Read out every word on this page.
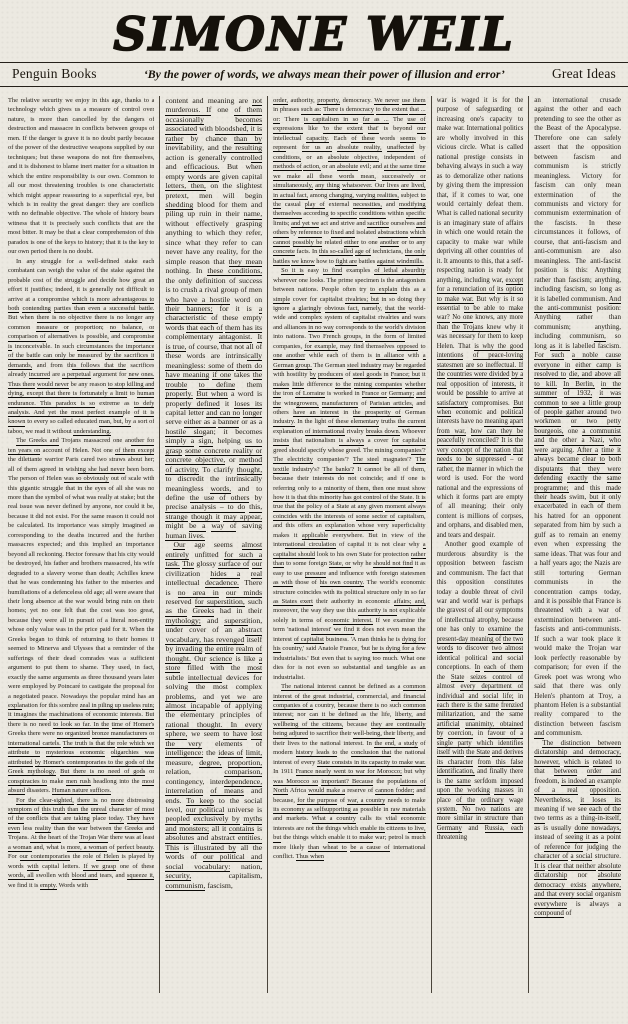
SIMONE WEIL
Penguin Books	‘By the power of words, we always mean their power of illusion and error’	Great Ideas

The relative security we enjoy in this age, thanks to a technology which gives us a measure of control over nature, is more than cancelled by the dangers of destruction and massacre in conflicts between groups of men. If the danger is grave it is no doubt partly because of the power of the destructive weapons supplied by our techniques; but these weapons do not fire themselves, and it is dishonest to blame inert matter for a situation in which the entire responsibility is our own. Common to all our most threatening troubles is one characteristic which might appear reassuring to a superficial eye, but which is in reality the great danger: they are conflicts with no definable objective. The whole of history bears witness that it is precisely such conflicts that are the most bitter. It may be that a clear comprehension of this paradox is one of the keys to history; that it is the key to our own period there is no doubt.

In any struggle for a well-defined stake each combatant can weigh the value of the stake against the probable cost of the struggle and decide how great an effort it justifies; indeed, it is generally not difficult to arrive at a compromise which is more advantageous to both contending parties than even a successful battle. But when there is no objective there is no longer any common measure or proportion; no balance, or comparison of alternatives is possible, and compromise is inconceivable. In such circumstances the importance of the battle can only be measured by the sacrifices it demands, and from this follows that the sacrifices already incurred are a perpetual argument for new ones. Thus there would never be any reason to stop killing and dying, except that there is fortunately a limit to human endurance. This paradox is so extreme as to defy analysis. And yet the most perfect example of it is known to every so called educated man, but, by a sort of taboo, we read it without understanding.

The Greeks and Trojans massacred one another for ten years on account of Helen. Not one of them except the dilettante warrior Paris cared two straws about her; all of them agreed in wishing she had never been born. The person of Helen was so obviously out of scale with this gigantic struggle that in the eyes of all she was no more than the symbol of what was really at stake; but the real issue was never defined by anyone, nor could it be, because it did not exist. For the same reason it could not be calculated. Its importance was simply imagined as corresponding to the deaths incurred and the further massacres expected; and this implied an importance beyond all reckoning. Hector foresaw that his city would be destroyed, his father and brothers massacred, his wife degraded to a slavery worse than death; Achilles knew that he was condemning his father to the miseries and humiliations of a defenceless old age; all were aware that their long absence at the war would bring ruin on their homes; yet no one felt that the cost was too great, because they were all in pursuit of a literal non-entity whose only value was in the price paid for it. When the Greeks began to think of returning to their homes it seemed to Minerva and Ulysses that a reminder of the sufferings of their dead comrades was a sufficient argument to put them to shame. They used, in fact, exactly the same arguments as three thousand years later were employed by Poincaré to castigate the proposal for a negotiated peace. Nowadays the popular mind has an explanation for this sombre zeal in piling up useless ruin; it imagines the machinations of economic interests. But there is no need to look so far. In the time of Homer's Greeks there were no organized bronze manufacturers or international cartels. The truth is that the role which we attribute to mysterious economic oligarchies was attributed by Homer's contemporaries to the gods of the Greek mythology. But there is no need of gods or conspiracies to make men rush headlong into the most absurd disasters. Human nature suffices.

For the clear-sighted, there is no more distressing symptom of this truth than the unreal character of most of the conflicts that are taking place today. They have even less reality than the war between the Greeks and Trojans. At the heart of the Trojan War there was at least a woman and, what is more, a woman of perfect beauty. For our contemporaries the role of Helen is played by words with capital letters. If we grasp one of these words, all swollen with blood and tears, and squeeze it, we find it is empty. Words with

content and meaning are not murderous. If one of them occasionally becomes associated with bloodshed, it is rather by chance than by inevitability, and the resulting action is generally controlled and efficacious. But when empty words are given capital letters, then, on the slightest pretext, men will begin shedding blood for them and piling up ruin in their name, without effectively grasping anything to which they refer, since what they refer to can never have any reality, for the simple reason that they mean nothing. In these conditions, the only definition of success is to crush a rival group of men who have a hostile word on their banners; for it is a characteristic of these empty words that each of them has its complementary antagonist. It is true, of course, that not all of these words are intrinsically meaningless: some of them do have meaning if one takes the trouble to define them properly. But when a word is properly defined it loses its capital letter and can no longer serve either as a banner or as a hostile slogan; it becomes simply a sign, helping us to grasp some concrete reality or concrete objective, or method of activity. To clarify thought, to discredit the intrinsically meaningless words, and to define the use of others by precise analysis – to do this, strange though it may appear, might be a way of saving human lives.

Our age seems almost entirely unfitted for such a task. The glossy surface of our civilization hides a real intellectual decadence. There is no area in our minds reserved for superstition, such as the Greeks had in their mythology; and superstition, under cover of an abstract vocabulary, has revenged itself by invading the entire realm of thought. Our science is like a store filled with the most subtle intellectual devices for solving the most complex problems, and yet we are almost incapable of applying the elementary principles of rational thought. In every sphere, we seem to have lost the very elements of intelligence: the ideas of limit, measure, degree, proportion, relation, comparison, contingency, interdependence, interrelation of means and ends. To keep to the social level, our political universe is peopled exclusively by myths and monsters; all it contains is absolutes and abstract entities. This is illustrated by all the words of our political and social vocabulary: nation, security, capitalism, communism, fascism,

order, authority, property, democracy. We never use them in phrases such as: There is democracy to the extent that ... or: There is capitalism in so far as ... The use of expressions like 'to the extent that' is beyond our intellectual capacity. Each of these words seems to represent for us an absolute reality, unaffected by conditions, or an absolute objective, independent of methods of action, or an absolute evil; and at the same time we make all these words mean, successively or simultaneously, any thing whatsoever. Our lives are lived, in actual fact, among changing, varying realities, subject to the casual play of external necessities, and modifying themselves according to specific conditions within specific limits; and yet we act and strive and sacrifice ourselves and others by reference to fixed and isolated abstractions which cannot possibly be related either to one another or to any concrete facts. In this so-called age of technicians, the only battles we know how to fight are battles against windmills.

So it is easy to find examples of lethal absurdity wherever one looks. The prime specimen is the antagonism between nations. People often try to explain this as a simple cover for capitalist rivalries; but in so doing they ignore a glaringly obvious fact, namely, that the world-wide and complex system of capitalist rivalries and wars and alliances in no way corresponds to the world's division into nations. Two French groups, in the form of limited companies, for example, may find themselves opposed to one another while each of them is in alliance with a German group. The German steel industry may be regarded with hostility by producers of steel goods in France; but it makes little difference to the mining companies whether the iron of Lorraine is worked in France or Germany; and the winegrowers, manufacturers of Parisian articles, and others have an interest in the prosperity of German industry. In the light of these elementary truths the current explanation of international rivalry breaks down. Whoever insists that nationalism is always a cover for capitalist greed should specify whose greed. The mining companies'? The electricity companies'? The steel magnates'? The textile industry's? The banks'? It cannot be all of them, because their interests do not coincide; and if one is referring only to a minority of them, then one must show how it is that this minority has got control of the State. It is true that the policy of a State at any given moment always coincides with the interests of some sector of capitalism, and this offers an explanation whose very superficiality makes it applicable everywhere. But in view of the international circulation of capital it is not clear why a capitalist should look to his own State for protection rather than to some foreign State, or why he should not find it as easy to use pressure and influence with foreign statesmen as with those of his own country. The world's economic structure coincides with its political structure only in so far as States exert their authority in economic affairs; and, moreover, the way they use this authority is not explicable solely in terms of economic interest. If we examine the term 'national interest' we find it does not even mean the interest of capitalist business. 'A man thinks he is dying for his country,' said Anatole France, 'but he is dying for a few industrialists.' But even that is saying too much. What one dies for is not even so substantial and tangible as an industrialist.

The national interest cannot be defined as a common interest of the great industrial, commercial, and financial companies of a country, because there is no such common interest; nor can it be defined as the life, liberty, and wellbeing of the citizens, because they are continually being adjured to sacrifice their well-being, their liberty, and their lives to the national interest. In the end, a study of modern history leads to the conclusion that the national interest of every State consists in its capacity to make war. In 1911 France nearly went to war for Morocco; but why was Morocco so important? Because the populations of North Africa would make a reserve of cannon fodder; and because, for the purpose of war, a country needs to make its economy as selfsupporting as possible in raw materials and markets. What a country calls its vital economic interests are not the things which enable its citizens to live, but the things which enable it to make war; petrol is much more likely than wheat to be a cause of international conflict. Thus when

war is waged it is for the purpose of safeguarding or increasing one's capacity to make war. International politics are wholly involved in this vicious circle. What is called national prestige consists in behaving always in such a way as to demoralize other nations by giving them the impression that, if it comes to war, one would certainly defeat them. What is called national security is an imaginary state of affairs in which one would retain the capacity to make war while depriving all other countries of it. It amounts to this, that a self-respecting nation is ready for anything, including war, except for a renunciation of its option to make war. But why is it so essential to be able to make war? No one knows, any more than the Trojans knew why it was necessary for them to keep Helen. That is why the good intentions of peace-loving statesmen are so ineffectual. If the countries were divided by a real opposition of interests, it would be possible to arrive at satisfactory compromises. But when economic and political interests have no meaning apart from war, how can they be peacefully reconciled? It is the very concept of the nation that needs to be suppressed – or rather, the manner in which the word is used. For the word national and the expressions of which it forms part are empty of all meaning; their only content is millions of corpses, and orphans, and disabled men, and tears and despair.

Another good example of murderous absurdity is the opposition between fascism and communism. The fact that this opposition constitutes today a double threat of civil war and world war is perhaps the gravest of all our symptoms of intellectual atrophy, because one has only to examine the present-day meaning of the two words to discover two almost identical political and social conceptions. In each of them the State seizes control of almost every department of individual and social life; in each there is the same frenzied militarization, and the same artificial unanimity, obtained by coercion, in favour of a single party which identifies itself with the State and derives its character from this false identification, and finally there is the same serfdom imposed upon the working masses in place of the ordinary wage system. No two nations are more similar in structure than Germany and Russia, each threatening

an international crusade against the other and each pretending to see the other as the Beast of the Apocalypse. Therefore one can safely assert that the opposition between fascism and communism is strictly meaningless. Victory for fascism can only mean extermination of the communists and victory for communism extermination of the fascists. In these circumstances it follows, of course, that anti-fascism and anti-communism are also meaningless. The anti-fascist position is this: Anything rather than fascism; anything, including fascism, so long as it is labelled communism. And the anti-communist position: Anything rather than communism; anything, including communism, so long as it is labelled fascism. For such a noble cause everyone in either camp is resolved to die, and above all to kill. In Berlin, in the summer of 1932, it was common to see a little group of people gather around two workmen or two petty bourgeois, one a communist and the other a Nazi, who were arguing. After a time it always became clear to both disputants that they were defending exactly the same programme; and this made their heads swim, but it only exacerbated in each of them his hatred for an opponent separated from him by such a gulf as to remain an enemy even when expressing the same ideas. That was four and a half years ago; the Nazis are still torturing German communists in the concentration camps today, and it is possible that France is threatened with a war of extermination between anti-fascists and anti-communists. If such a war took place it would make the Trojan war look perfectly reasonable by comparison; for even if the Greek poet was wrong who said that there was only Helen's phantom at Troy, a phantom Helen is a substantial reality compared to the distinction between fascism and communism.

The distinction between dictatorship and democracy, however, which is related to that between order and freedom, is indeed an example of a real opposition. Nevertheless, it loses its meaning if we see each of the two terms as a thing-in-itself, as is usually done nowadays, instead of seeing it as a point of reference for judging the character of a social structure. It is clear that neither absolute dictatorship nor absolute democracy exists anywhere, and that every social organism everywhere is always a compound of
